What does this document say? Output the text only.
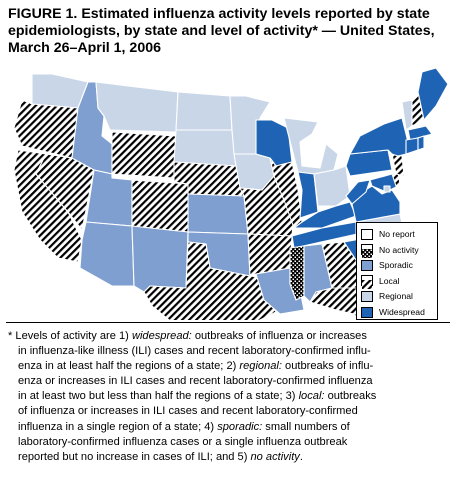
FIGURE 1. Estimated influenza activity levels reported by state
epidemiologists, by state and level of activity* — United States,
March 26–April 1, 2006
No report
No activity
Sporadic
Local
Regional
Widespread
* Levels of activity are 1) widespread: outbreaks of influenza or increases
in influenza-like illness (ILI) cases and recent laboratory-confirmed influ-
enza in at least half the regions of a state; 2) regional: outbreaks of influ-
enza or increases in ILI cases and recent laboratory-confirmed influenza
in at least two but less than half the regions of a state; 3) local: outbreaks
of influenza or increases in ILI cases and recent laboratory-confirmed
influenza in a single region of a state; 4) sporadic: small numbers of
laboratory-confirmed influenza cases or a single influenza outbreak
reported but no increase in cases of ILI; and 5) no activity.
